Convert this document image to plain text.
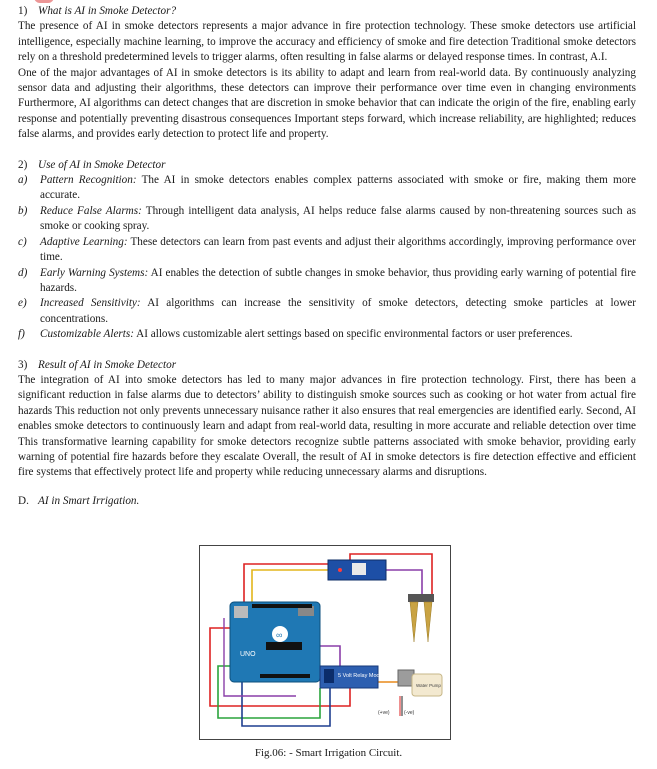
1) What is AI in Smoke Detector?

The presence of AI in smoke detectors represents a major advance in fire protection technology. These smoke detectors use artificial intelligence, especially machine learning, to improve the accuracy and efficiency of smoke and fire detection Traditional smoke detectors rely on a threshold predetermined levels to trigger alarms, often resulting in false alarms or delayed response times. In contrast, A.I.

One of the major advantages of AI in smoke detectors is its ability to adapt and learn from real-world data. By continuously analyzing sensor data and adjusting their algorithms, these detectors can improve their performance over time even in changing environments Furthermore, AI algorithms can detect changes that are discretion in smoke behavior that can indicate the origin of the fire, enabling early response and potentially preventing disastrous consequences Important steps forward, which increase reliability, are highlighted; reduces false alarms, and provides early detection to protect life and property.

2) Use of AI in Smoke Detector

a) Pattern Recognition: The AI in smoke detectors enables complex patterns associated with smoke or fire, making them more accurate.
b) Reduce False Alarms: Through intelligent data analysis, AI helps reduce false alarms caused by non-threatening sources such as smoke or cooking spray.
c) Adaptive Learning: These detectors can learn from past events and adjust their algorithms accordingly, improving performance over time.
d) Early Warning Systems: AI enables the detection of subtle changes in smoke behavior, thus providing early warning of potential fire hazards.
e) Increased Sensitivity: AI algorithms can increase the sensitivity of smoke detectors, detecting smoke particles at lower concentrations.
f) Customizable Alerts: AI allows customizable alert settings based on specific environmental factors or user preferences.

3) Result of AI in Smoke Detector

The integration of AI into smoke detectors has led to many major advances in fire protection technology. First, there has been a significant reduction in false alarms due to detectors’ ability to distinguish smoke sources such as cooking or hot water from actual fire hazards This reduction not only prevents unnecessary nuisance rather it also ensures that real emergencies are identified early. Second, AI enables smoke detectors to continuously learn and adapt from real-world data, resulting in more accurate and reliable detection over time This transformative learning capability for smoke detectors recognize subtle patterns associated with smoke behavior, providing early warning of potential fire hazards before they escalate Overall, the result of AI in smoke detectors is fire detection effective and efficient fire systems that effectively protect life and property while reducing unnecessary alarms and disruptions.

D. AI in Smart Irrigation.

∞
UNO
5 Volt Relay Module
Water Pump
(+ve)	(-ve)
Fig.06: - Smart Irrigation Circuit.
